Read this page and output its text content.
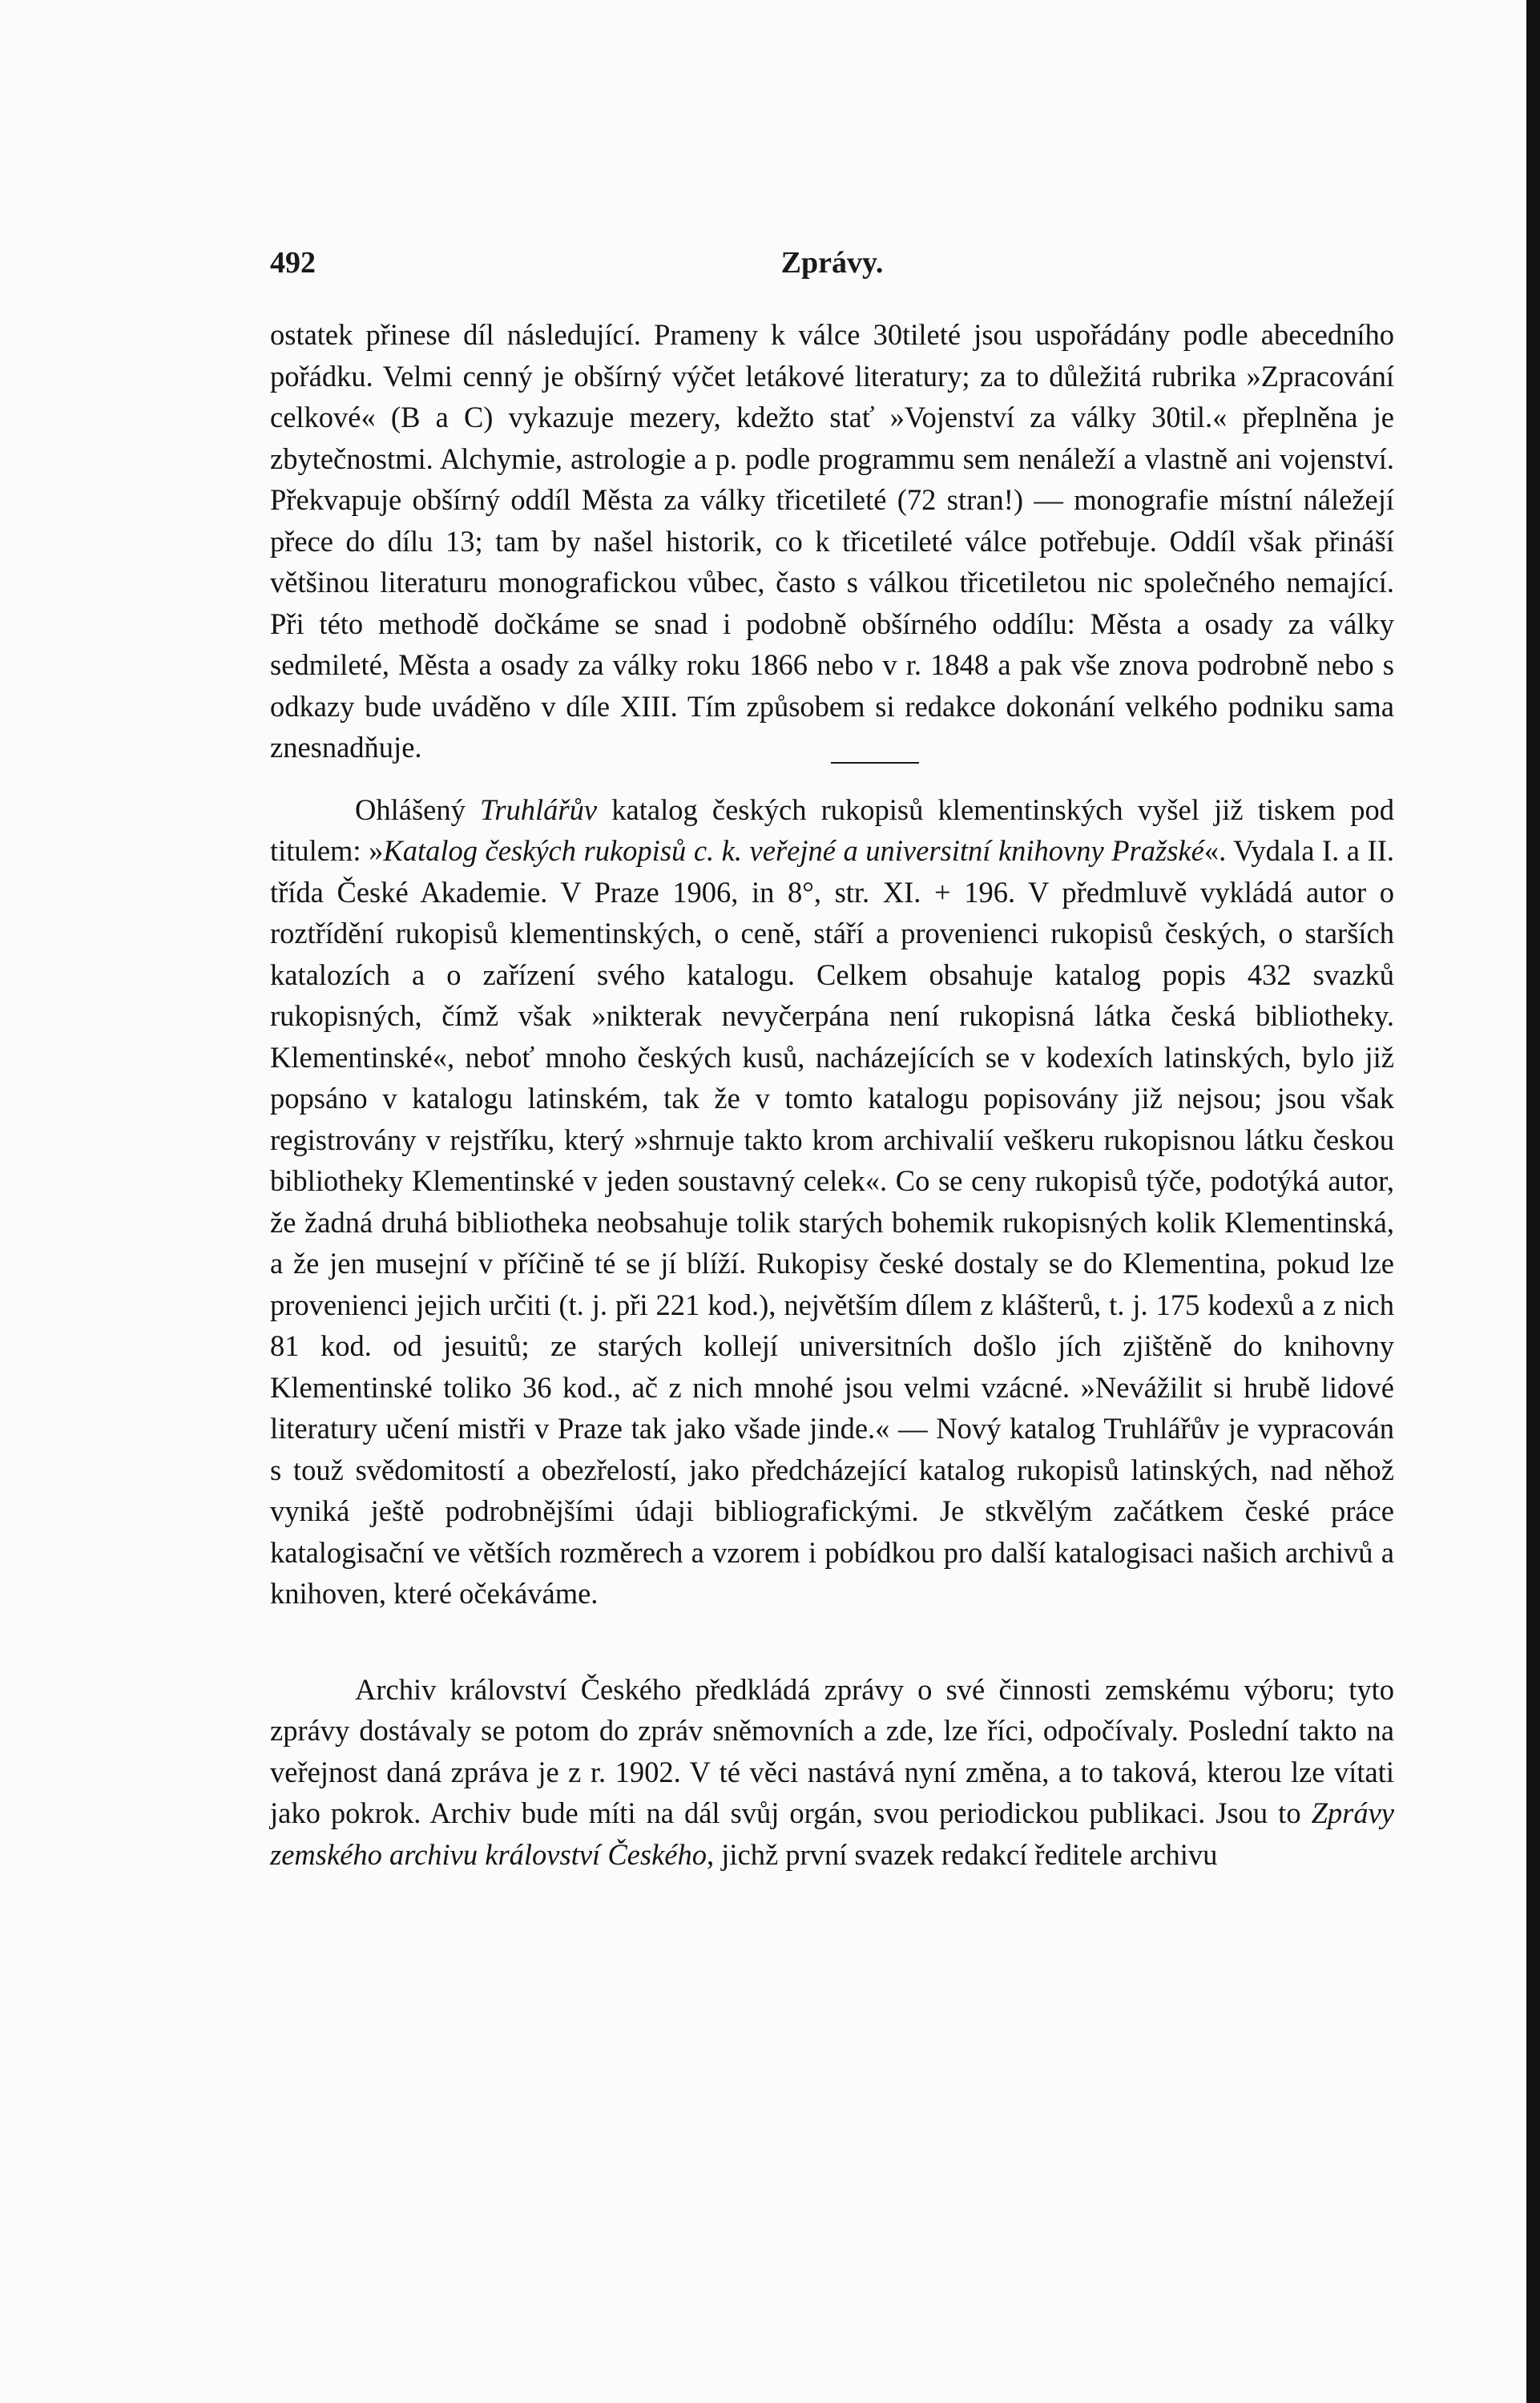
492	Zprávy.

ostatek přinese díl následující. Prameny k válce 30tileté jsou uspořádány podle abecedního pořádku. Velmi cenný je obšírný výčet letákové literatury; za to důležitá rubrika »Zpracování celkové« (B a C) vykazuje mezery, kdežto stať »Vojenství za války 30til.« přeplněna je zbytečnostmi. Alchymie, astrologie a p. podle programmu sem nenáleží a vlastně ani vojenství. Překvapuje obšírný oddíl Města za války třicetileté (72 stran!) — monografie místní náležejí přece do dílu 13; tam by našel historik, co k třicetileté válce potřebuje. Oddíl však přináší většinou literaturu monografickou vůbec, často s válkou třicetiletou nic společného nemající. Při této methodě dočkáme se snad i podobně obšírného oddílu: Města a osady za války sedmileté, Města a osady za války roku 1866 nebo v r. 1848 a pak vše znova podrobně nebo s odkazy bude uváděno v díle XIII. Tím způsobem si redakce dokonání velkého podniku sama znesnadňuje.

Ohlášený Truhlářův katalog českých rukopisů klementinských vyšel již tiskem pod titulem: »Katalog českých rukopisů c. k. veřejné a universitní knihovny Pražské«. Vydala I. a II. třída České Akademie. V Praze 1906, in 8°, str. XI. + 196. V předmluvě vykládá autor o roztřídění rukopisů klementinských, o ceně, stáří a provenienci rukopisů českých, o starších katalozích a o zařízení svého katalogu. Celkem obsahuje katalog popis 432 svazků rukopisných, čímž však »nikterak nevyčerpána není rukopisná látka česká bibliotheky. Klementinské«, neboť mnoho českých kusů, nacházejících se v kodexích latinských, bylo již popsáno v katalogu latinském, tak že v tomto katalogu popisovány již nejsou; jsou však registrovány v rejstříku, který »shrnuje takto krom archivalií veškeru rukopisnou látku českou bibliotheky Klementinské v jeden soustavný celek«. Co se ceny rukopisů týče, podotýká autor, že žadná druhá bibliotheka neobsahuje tolik starých bohemik rukopisných kolik Klementinská, a že jen musejní v příčině té se jí blíží. Rukopisy české dostaly se do Klementina, pokud lze provenienci jejich určiti (t. j. při 221 kod.), největším dílem z klášterů, t. j. 175 kodexů a z nich 81 kod. od jesuitů; ze starých kollejí universitních došlo jích zjištěně do knihovny Klementinské toliko 36 kod., ač z nich mnohé jsou velmi vzácné. »Nevážilit si hrubě lidové literatury učení mistři v Praze tak jako všade jinde.« — Nový katalog Truhlářův je vypracován s touž svědomitostí a obezřelostí, jako předcházející katalog rukopisů latinských, nad něhož vyniká ještě podrobnějšími údaji bibliografickými. Je stkvělým začátkem české práce katalogisační ve větších rozměrech a vzorem i pobídkou pro další katalogisaci našich archivů a knihoven, které očekáváme.

Archiv království Českého předkládá zprávy o své činnosti zemskému výboru; tyto zprávy dostávaly se potom do zpráv sněmovních a zde, lze říci, odpočívaly. Poslední takto na veřejnost daná zpráva je z r. 1902. V té věci nastává nyní změna, a to taková, kterou lze vítati jako pokrok. Archiv bude míti na dál svůj orgán, svou periodickou publikaci. Jsou to Zprávy zemského archivu království Českého, jichž první svazek redakcí ředitele archivu
